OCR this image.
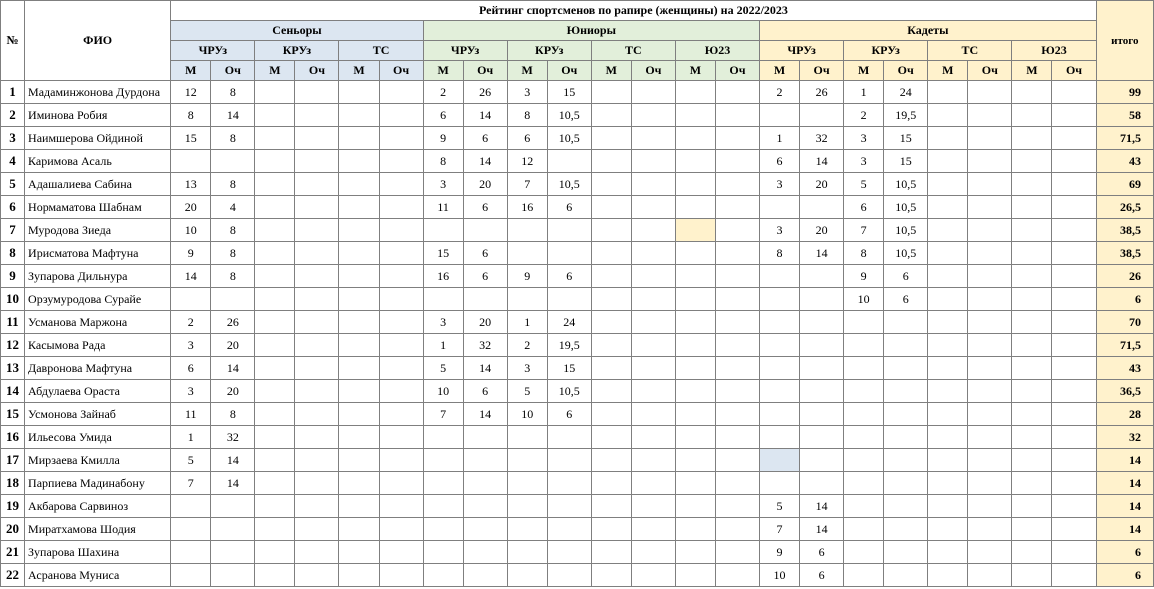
№	ФИО	Рейтинг спортсменов по рапире (женщины) на 2022/2023																						итого
		Сеньоры						Юниоры								Кадеты								
		ЧРУз		КРУз		ТС		ЧРУз		КРУз		ТС		Ю23		ЧРУз		КРУз		ТС		Ю23		
		М	Оч	М	Оч	М	Оч	М	Оч	М	Оч	М	Оч	М	Оч	М	Оч	М	Оч	М	Оч	М	Оч	
1	Мадаминжонова Дурдона	12	8					2	26	3	15					2	26	1	24					99
2	Иминова Робия	8	14					6	14	8	10,5							2	19,5					58
3	Наимшерова Ойдиной	15	8					9	6	6	10,5					1	32	3	15					71,5
4	Каримова Асаль							8	14	12						6	14	3	15					43
5	Адашалиева Сабина	13	8					3	20	7	10,5					3	20	5	10,5					69
6	Нормаматова Шабнам	20	4					11	6	16	6							6	10,5					26,5
7	Муродова Зиеда	10	8													3	20	7	10,5					38,5
8	Ирисматова Мафтуна	9	8					15	6							8	14	8	10,5					38,5
9	Зупарова Дильнура	14	8					16	6	9	6							9	6					26
10	Орзумуродова Сурайе																	10	6					6
11	Усманова Маржона	2	26					3	20	1	24													70
12	Касымова Рада	3	20					1	32	2	19,5													71,5
13	Давронова Мафтуна	6	14					5	14	3	15													43
14	Абдулаева Ораста	3	20					10	6	5	10,5													36,5
15	Усмонова Зайнаб	11	8					7	14	10	6													28
16	Ильесова Умида	1	32																					32
17	Мирзаева Кмилла	5	14																					14
18	Парпиева Мадинабону	7	14																					14
19	Акбарова Сарвиноз															5	14							14
20	Миратхамова Шодия															7	14							14
21	Зупарова Шахина															9	6							6
22	Асранова Муниса															10	6							6
